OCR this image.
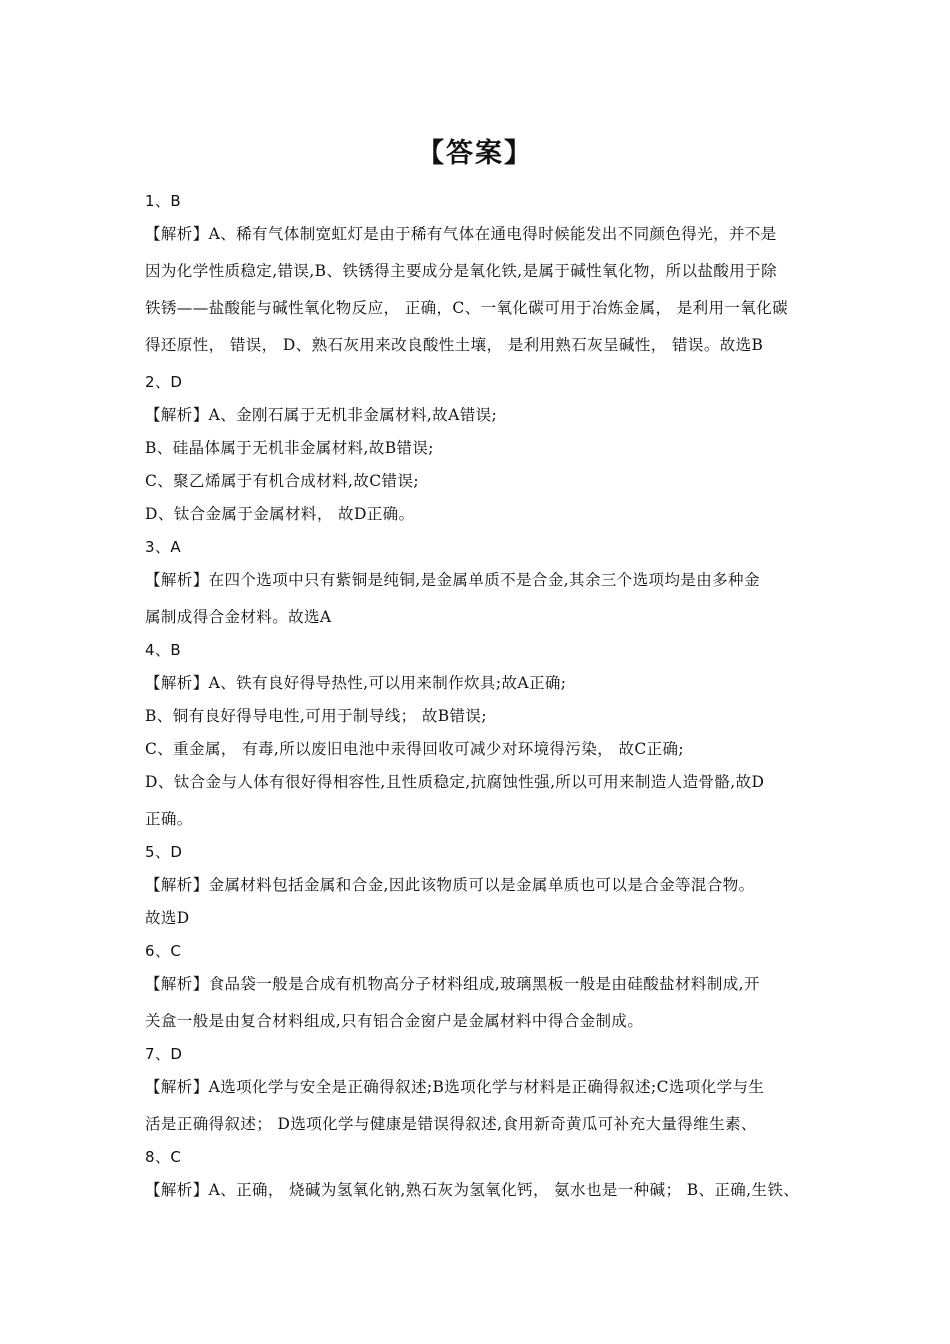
【答案】
1、B
【解析】A、稀有气体制宽虹灯是由于稀有气体在通电得时候能发出不同颜色得光，并不是
因为化学性质稳定,错误,B、铁锈得主要成分是氧化铁,是属于碱性氧化物，所以盐酸用于除
铁锈——盐酸能与碱性氧化物反应， 正确，C、一氧化碳可用于冶炼金属， 是利用一氧化碳
得还原性， 错误， D、熟石灰用来改良酸性土壤， 是利用熟石灰呈碱性， 错误。故选B
2、D
【解析】A、金刚石属于无机非金属材料,故A错误;
B、硅晶体属于无机非金属材料,故B错误;
C、聚乙烯属于有机合成材料,故C错误;
D、钛合金属于金属材料， 故D正确。
3、A
【解析】在四个选项中只有紫铜是纯铜,是金属单质不是合金,其余三个选项均是由多种金
属制成得合金材料。故选A
4、B
【解析】A、铁有良好得导热性,可以用来制作炊具;故A正确;
B、铜有良好得导电性,可用于制导线； 故B错误;
C、重金属， 有毒,所以废旧电池中汞得回收可减少对环境得污染， 故C正确;
D、钛合金与人体有很好得相容性,且性质稳定,抗腐蚀性强,所以可用来制造人造骨骼,故D
正确。
5、D
【解析】金属材料包括金属和合金,因此该物质可以是金属单质也可以是合金等混合物。
故选D
6、C
【解析】食品袋一般是合成有机物高分子材料组成,玻璃黑板一般是由硅酸盐材料制成,开
关盒一般是由复合材料组成,只有铝合金窗户是金属材料中得合金制成。
7、D
【解析】A选项化学与安全是正确得叙述;B选项化学与材料是正确得叙述;C选项化学与生
活是正确得叙述； D选项化学与健康是错误得叙述,食用新奇黄瓜可补充大量得维生素、
8、C
【解析】A、正确， 烧碱为氢氧化钠,熟石灰为氢氧化钙， 氨水也是一种碱； B、正确,生铁、
